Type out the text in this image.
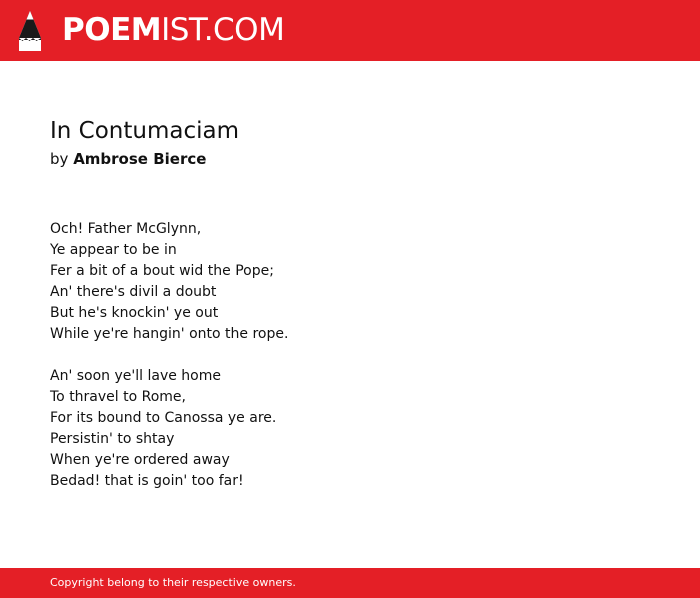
POEMIST.COM
In Contumaciam
by Ambrose Bierce
Och! Father McGlynn,
Ye appear to be in
Fer a bit of a bout wid the Pope;
An' there's divil a doubt
But he's knockin' ye out
While ye're hangin' onto the rope.
An' soon ye'll lave home
To thravel to Rome,
For its bound to Canossa ye are.
Persistin' to shtay
When ye're ordered away
Bedad! that is goin' too far!
Copyright belong to their respective owners.
